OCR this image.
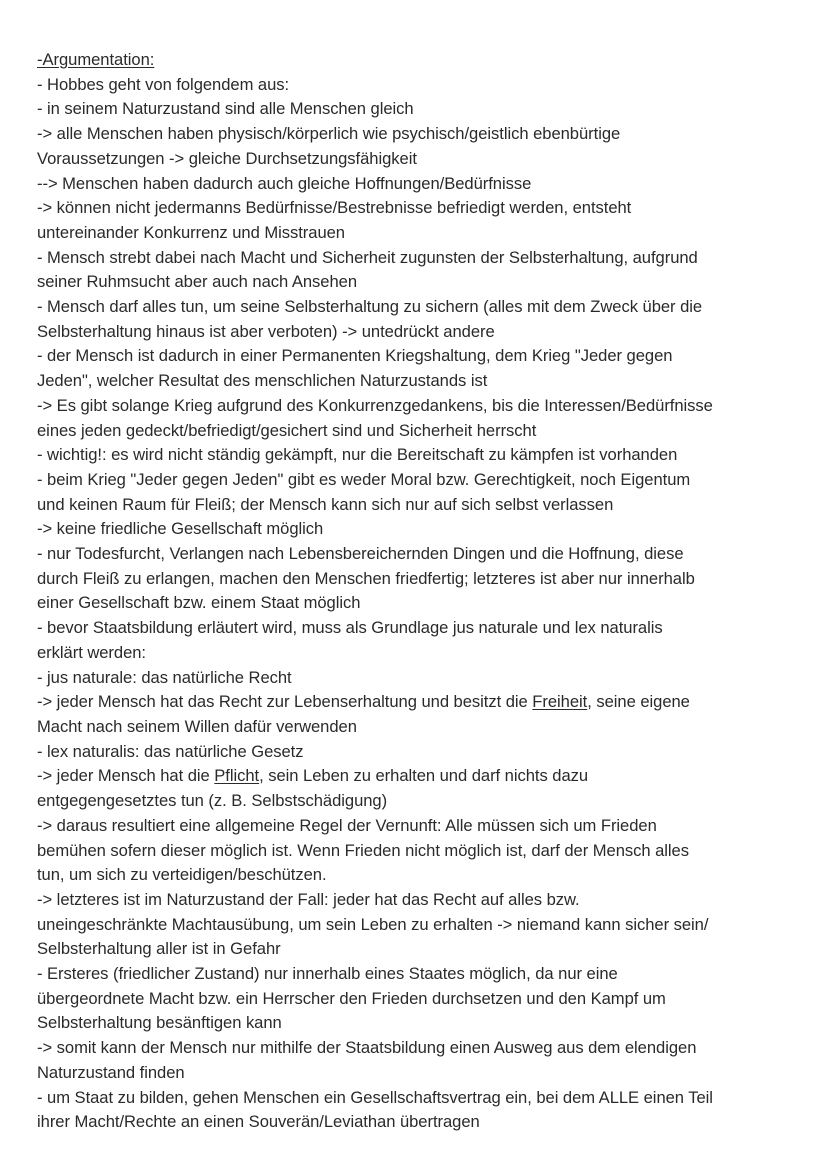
-Argumentation:
- Hobbes geht von folgendem aus:
- in seinem Naturzustand sind alle Menschen gleich
-> alle Menschen haben physisch/körperlich wie psychisch/geistlich ebenbürtige
Voraussetzungen -> gleiche Durchsetzungsfähigkeit
--> Menschen haben dadurch auch gleiche Hoffnungen/Bedürfnisse
-> können nicht jedermanns Bedürfnisse/Bestrebnisse befriedigt werden, entsteht
untereinander Konkurrenz und Misstrauen
- Mensch strebt dabei nach Macht und Sicherheit zugunsten der Selbsterhaltung, aufgrund
seiner Ruhmsucht aber auch nach Ansehen
- Mensch darf alles tun, um seine Selbsterhaltung zu sichern (alles mit dem Zweck über die
Selbsterhaltung hinaus ist aber verboten) -> untedrückt andere
- der Mensch ist dadurch in einer Permanenten Kriegshaltung, dem Krieg "Jeder gegen
Jeden", welcher Resultat des menschlichen Naturzustands ist
-> Es gibt solange Krieg aufgrund des Konkurrenzgedankens, bis die Interessen/Bedürfnisse
eines jeden gedeckt/befriedigt/gesichert sind und Sicherheit herrscht
- wichtig!: es wird nicht ständig gekämpft, nur die Bereitschaft zu kämpfen ist vorhanden
- beim Krieg "Jeder gegen Jeden" gibt es weder Moral bzw. Gerechtigkeit, noch Eigentum
und keinen Raum für Fleiß; der Mensch kann sich nur auf sich selbst verlassen
-> keine friedliche Gesellschaft möglich
- nur Todesfurcht, Verlangen nach Lebensbereichernden Dingen und die Hoffnung, diese
durch Fleiß zu erlangen, machen den Menschen friedfertig; letzteres ist aber nur innerhalb
einer Gesellschaft bzw. einem Staat möglich
- bevor Staatsbildung erläutert wird, muss als Grundlage jus naturale und lex naturalis
erklärt werden:
- jus naturale: das natürliche Recht
-> jeder Mensch hat das Recht zur Lebenserhaltung und besitzt die Freiheit, seine eigene
Macht nach seinem Willen dafür verwenden
- lex naturalis: das natürliche Gesetz
-> jeder Mensch hat die Pflicht, sein Leben zu erhalten und darf nichts dazu
entgegengesetztes tun (z. B. Selbstschädigung)
-> daraus resultiert eine allgemeine Regel der Vernunft: Alle müssen sich um Frieden
bemühen sofern dieser möglich ist. Wenn Frieden nicht möglich ist, darf der Mensch alles
tun, um sich zu verteidigen/beschützen.
-> letzteres ist im Naturzustand der Fall: jeder hat das Recht auf alles bzw.
uneingeschränkte Machtausübung, um sein Leben zu erhalten -> niemand kann sicher sein/
Selbsterhaltung aller ist in Gefahr
- Ersteres (friedlicher Zustand) nur innerhalb eines Staates möglich, da nur eine
übergeordnete Macht bzw. ein Herrscher den Frieden durchsetzen und den Kampf um
Selbsterhaltung besänftigen kann
-> somit kann der Mensch nur mithilfe der Staatsbildung einen Ausweg aus dem elendigen
Naturzustand finden
- um Staat zu bilden, gehen Menschen ein Gesellschaftsvertrag ein, bei dem ALLE einen Teil
ihrer Macht/Rechte an einen Souverän/Leviathan übertragen
